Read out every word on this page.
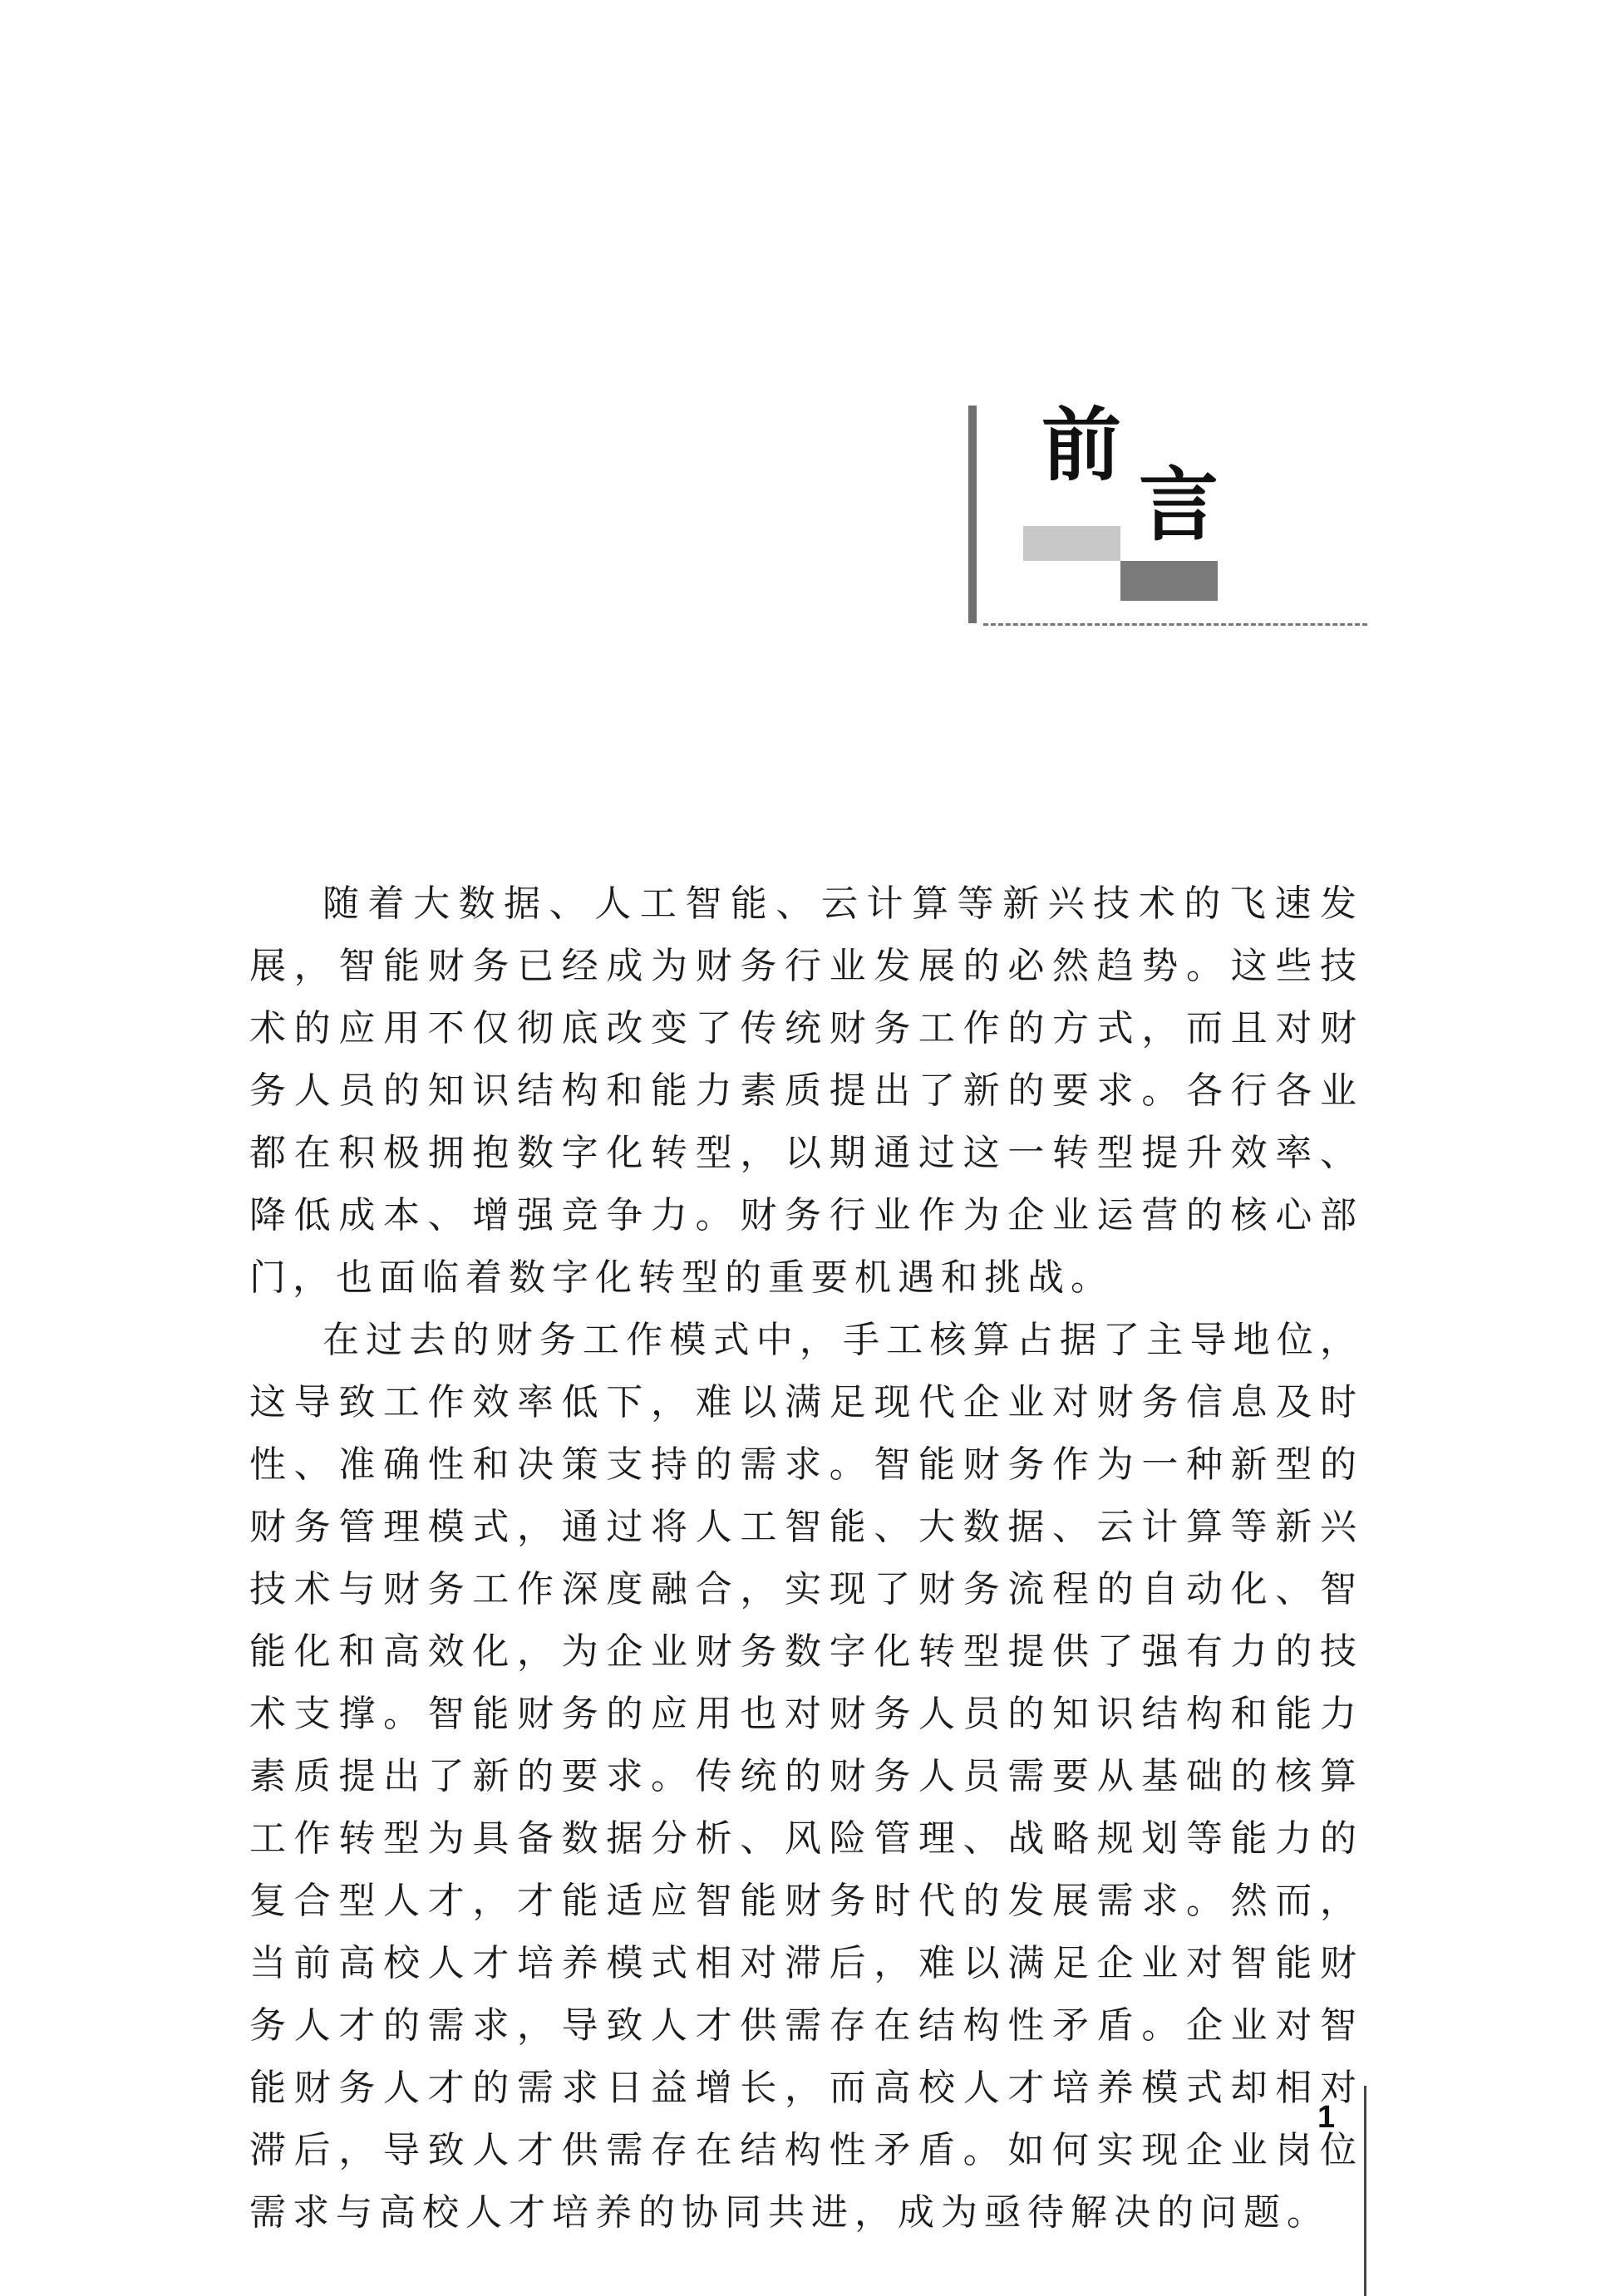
前
言

随着大数据、人工智能、云计算等新兴技术的飞速发展，智能财务已经成为财务行业发展的必然趋势。这些技术的应用不仅彻底改变了传统财务工作的方式，而且对财务人员的知识结构和能力素质提出了新的要求。各行各业都在积极拥抱数字化转型，以期通过这一转型提升效率、降低成本、增强竞争力。财务行业作为企业运营的核心部门，也面临着数字化转型的重要机遇和挑战。

在过去的财务工作模式中，手工核算占据了主导地位，这导致工作效率低下，难以满足现代企业对财务信息及时性、准确性和决策支持的需求。智能财务作为一种新型的财务管理模式，通过将人工智能、大数据、云计算等新兴技术与财务工作深度融合，实现了财务流程的自动化、智能化和高效化，为企业财务数字化转型提供了强有力的技术支撑。智能财务的应用也对财务人员的知识结构和能力素质提出了新的要求。传统的财务人员需要从基础的核算工作转型为具备数据分析、风险管理、战略规划等能力的复合型人才，才能适应智能财务时代的发展需求。然而，当前高校人才培养模式相对滞后，难以满足企业对智能财务人才的需求，导致人才供需存在结构性矛盾。企业对智能财务人才的需求日益增长，而高校人才培养模式却相对滞后，导致人才供需存在结构性矛盾。如何实现企业岗位需求与高校人才培养的协同共进，成为亟待解决的问题。

1
